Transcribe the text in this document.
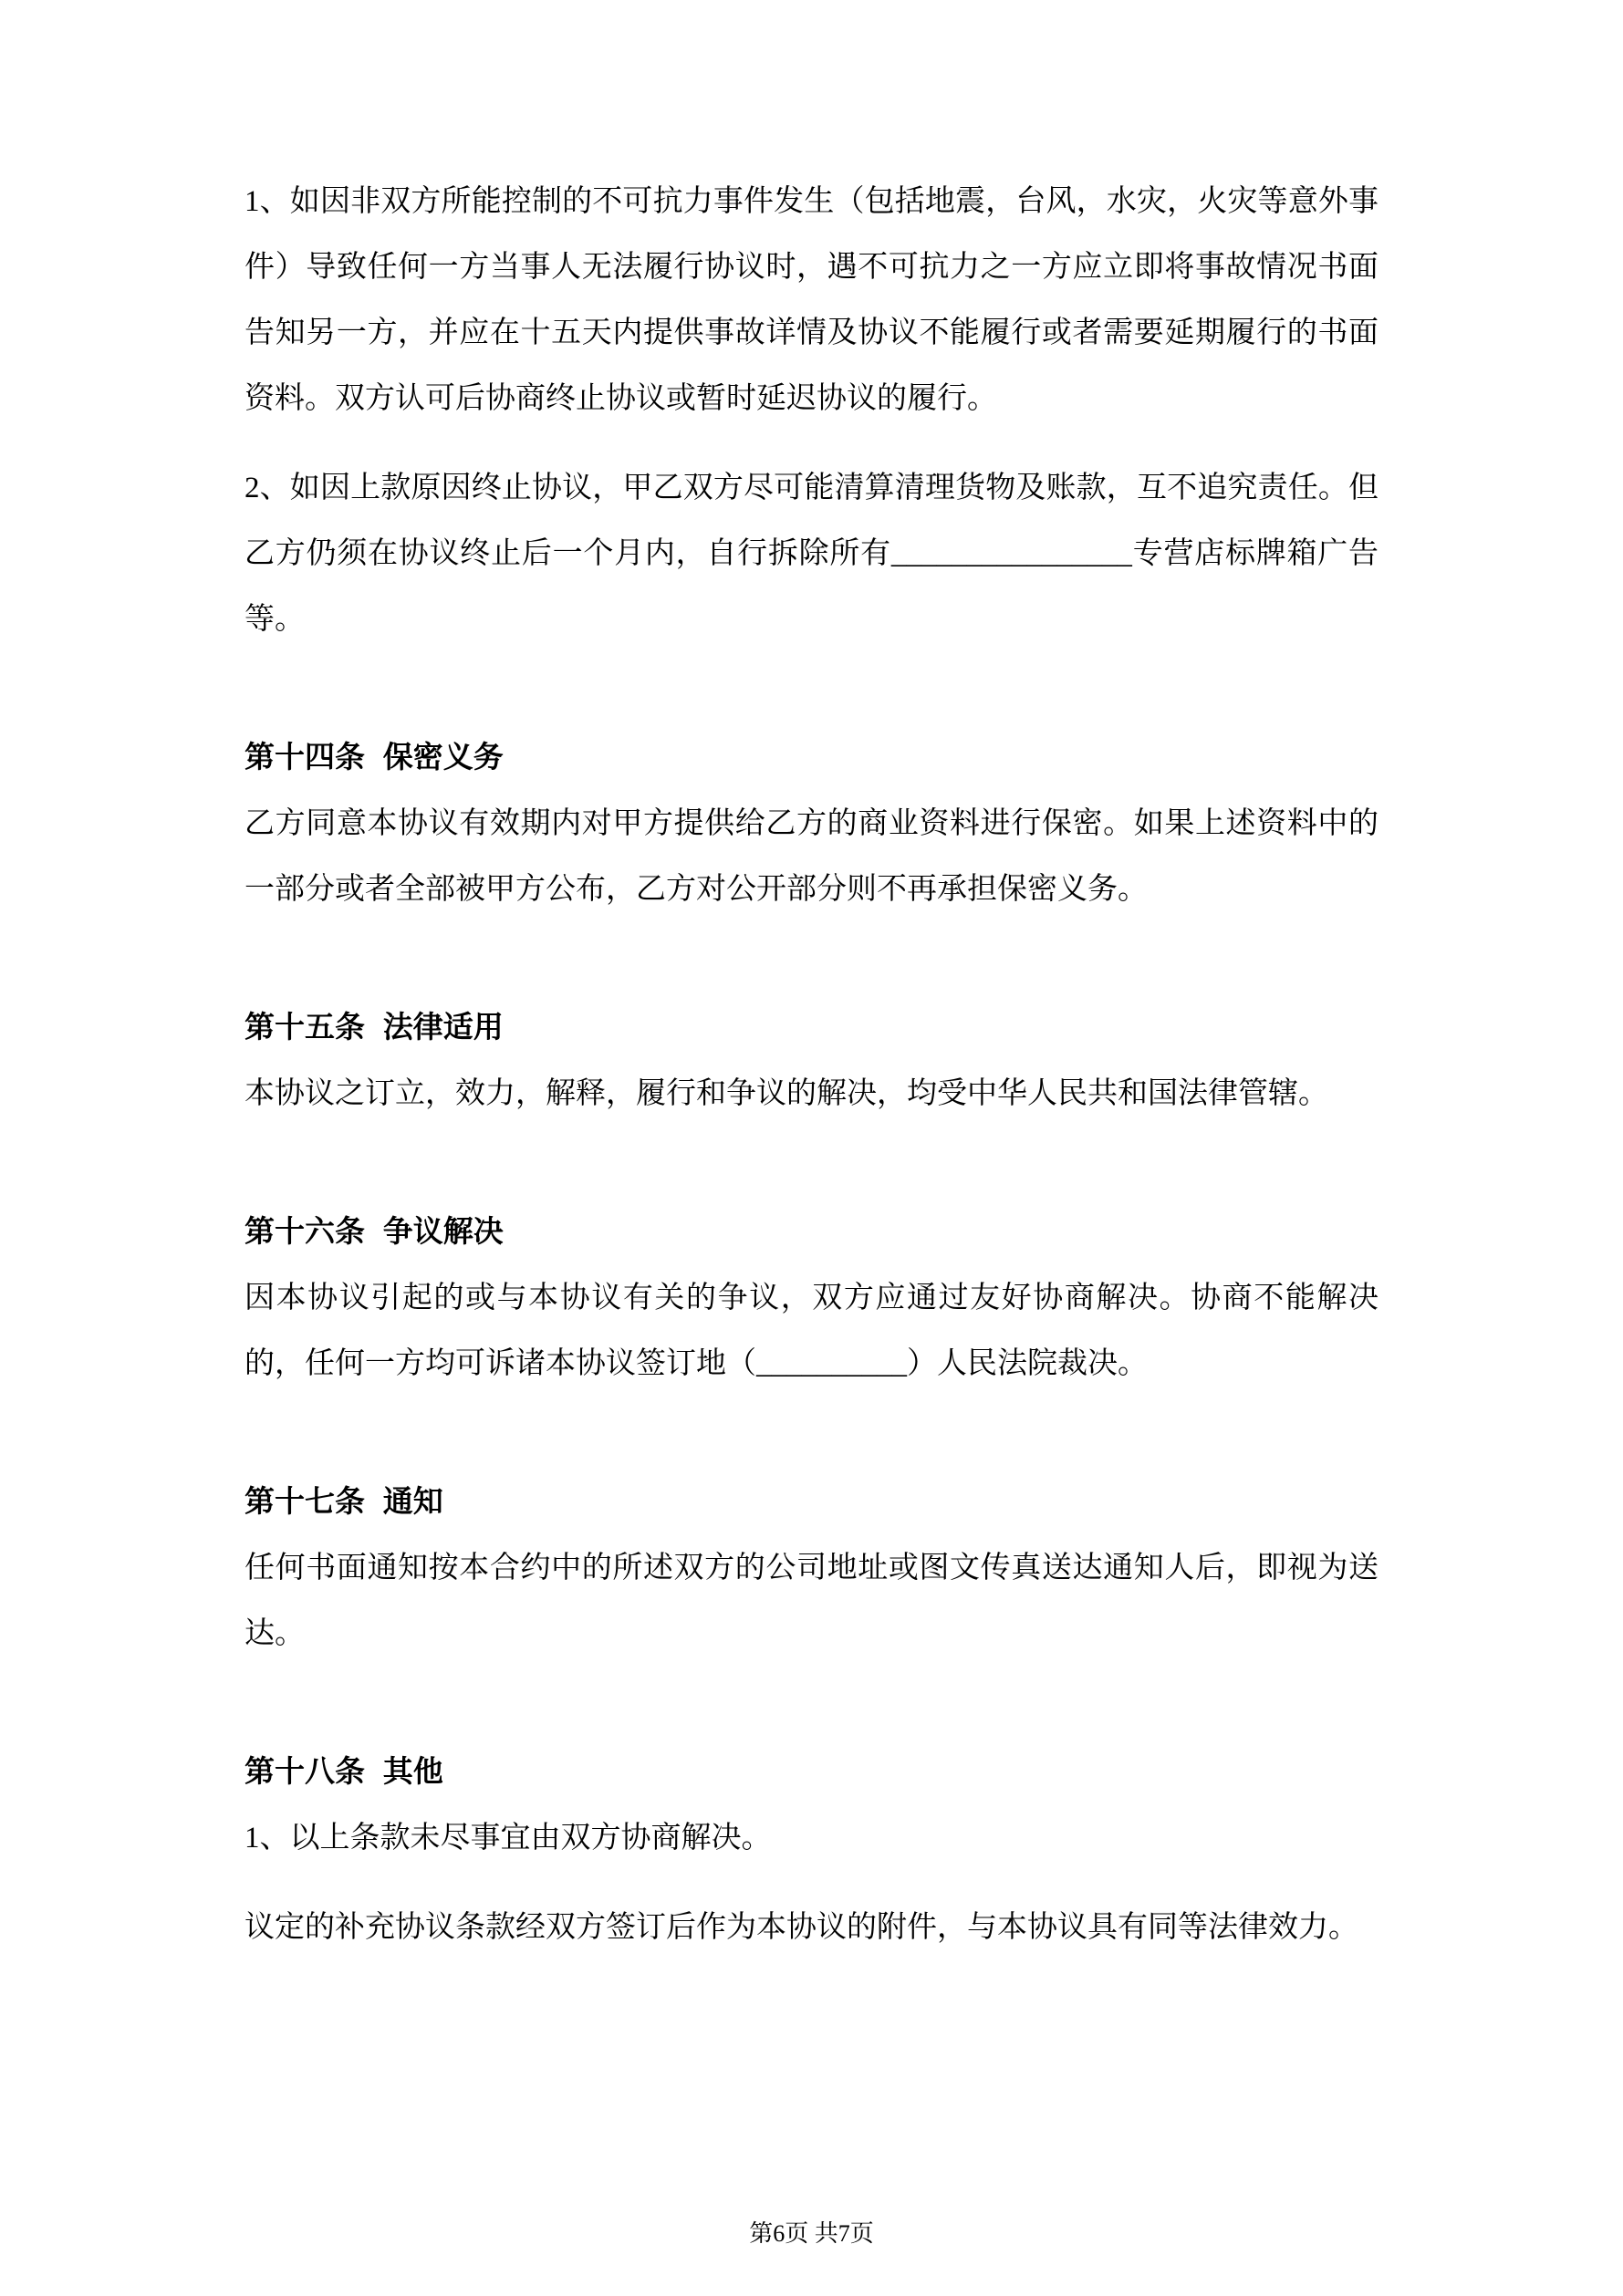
1、如因非双方所能控制的不可抗力事件发生（包括地震，台风，水灾，火灾等意外事件）导致任何一方当事人无法履行协议时，遇不可抗力之一方应立即将事故情况书面告知另一方，并应在十五天内提供事故详情及协议不能履行或者需要延期履行的书面资料。双方认可后协商终止协议或暂时延迟协议的履行。

2、如因上款原因终止协议，甲乙双方尽可能清算清理货物及账款，互不追究责任。但乙方仍须在协议终止后一个月内，自行拆除所有________________专营店标牌箱广告等。

第十四条 保密义务

乙方同意本协议有效期内对甲方提供给乙方的商业资料进行保密。如果上述资料中的一部分或者全部被甲方公布，乙方对公开部分则不再承担保密义务。

第十五条 法律适用

本协议之订立，效力，解释，履行和争议的解决，均受中华人民共和国法律管辖。

第十六条 争议解决

因本协议引起的或与本协议有关的争议，双方应通过友好协商解决。协商不能解决的，任何一方均可诉诸本协议签订地（__________）人民法院裁决。

第十七条 通知

任何书面通知按本合约中的所述双方的公司地址或图文传真送达通知人后，即视为送达。

第十八条 其他

1、以上条款未尽事宜由双方协商解决。

议定的补充协议条款经双方签订后作为本协议的附件，与本协议具有同等法律效力。

第6页 共7页
